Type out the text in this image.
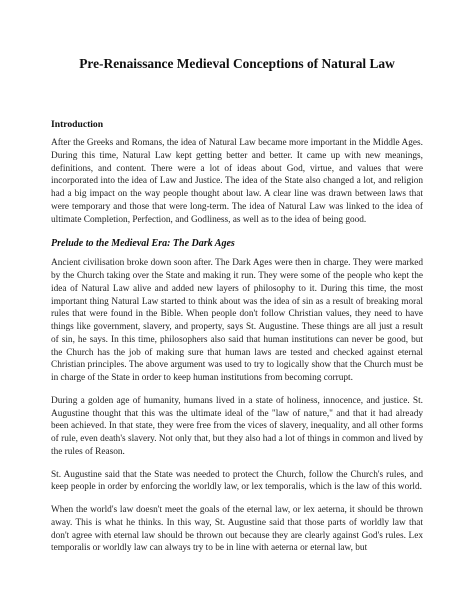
Pre-Renaissance Medieval Conceptions of Natural Law
Introduction

After the Greeks and Romans, the idea of Natural Law became more important in the Middle Ages. During this time, Natural Law kept getting better and better. It came up with new meanings, definitions, and content. There were a lot of ideas about God, virtue, and values that were incorporated into the idea of Law and Justice. The idea of the State also changed a lot, and religion had a big impact on the way people thought about law. A clear line was drawn between laws that were temporary and those that were long-term. The idea of Natural Law was linked to the idea of ultimate Completion, Perfection, and Godliness, as well as to the idea of being good.

Prelude to the Medieval Era: The Dark Ages

Ancient civilisation broke down soon after. The Dark Ages were then in charge. They were marked by the Church taking over the State and making it run. They were some of the people who kept the idea of Natural Law alive and added new layers of philosophy to it. During this time, the most important thing Natural Law started to think about was the idea of sin as a result of breaking moral rules that were found in the Bible. When people don't follow Christian values, they need to have things like government, slavery, and property, says St. Augustine. These things are all just a result of sin, he says. In this time, philosophers also said that human institutions can never be good, but the Church has the job of making sure that human laws are tested and checked against eternal Christian principles. The above argument was used to try to logically show that the Church must be in charge of the State in order to keep human institutions from becoming corrupt.

During a golden age of humanity, humans lived in a state of holiness, innocence, and justice. St. Augustine thought that this was the ultimate ideal of the "law of nature," and that it had already been achieved. In that state, they were free from the vices of slavery, inequality, and all other forms of rule, even death's slavery. Not only that, but they also had a lot of things in common and lived by the rules of Reason.

St. Augustine said that the State was needed to protect the Church, follow the Church's rules, and keep people in order by enforcing the worldly law, or lex temporalis, which is the law of this world.

When the world's law doesn't meet the goals of the eternal law, or lex aeterna, it should be thrown away. This is what he thinks. In this way, St. Augustine said that those parts of worldly law that don't agree with eternal law should be thrown out because they are clearly against God's rules. Lex temporalis or worldly law can always try to be in line with aeterna or eternal law, but
